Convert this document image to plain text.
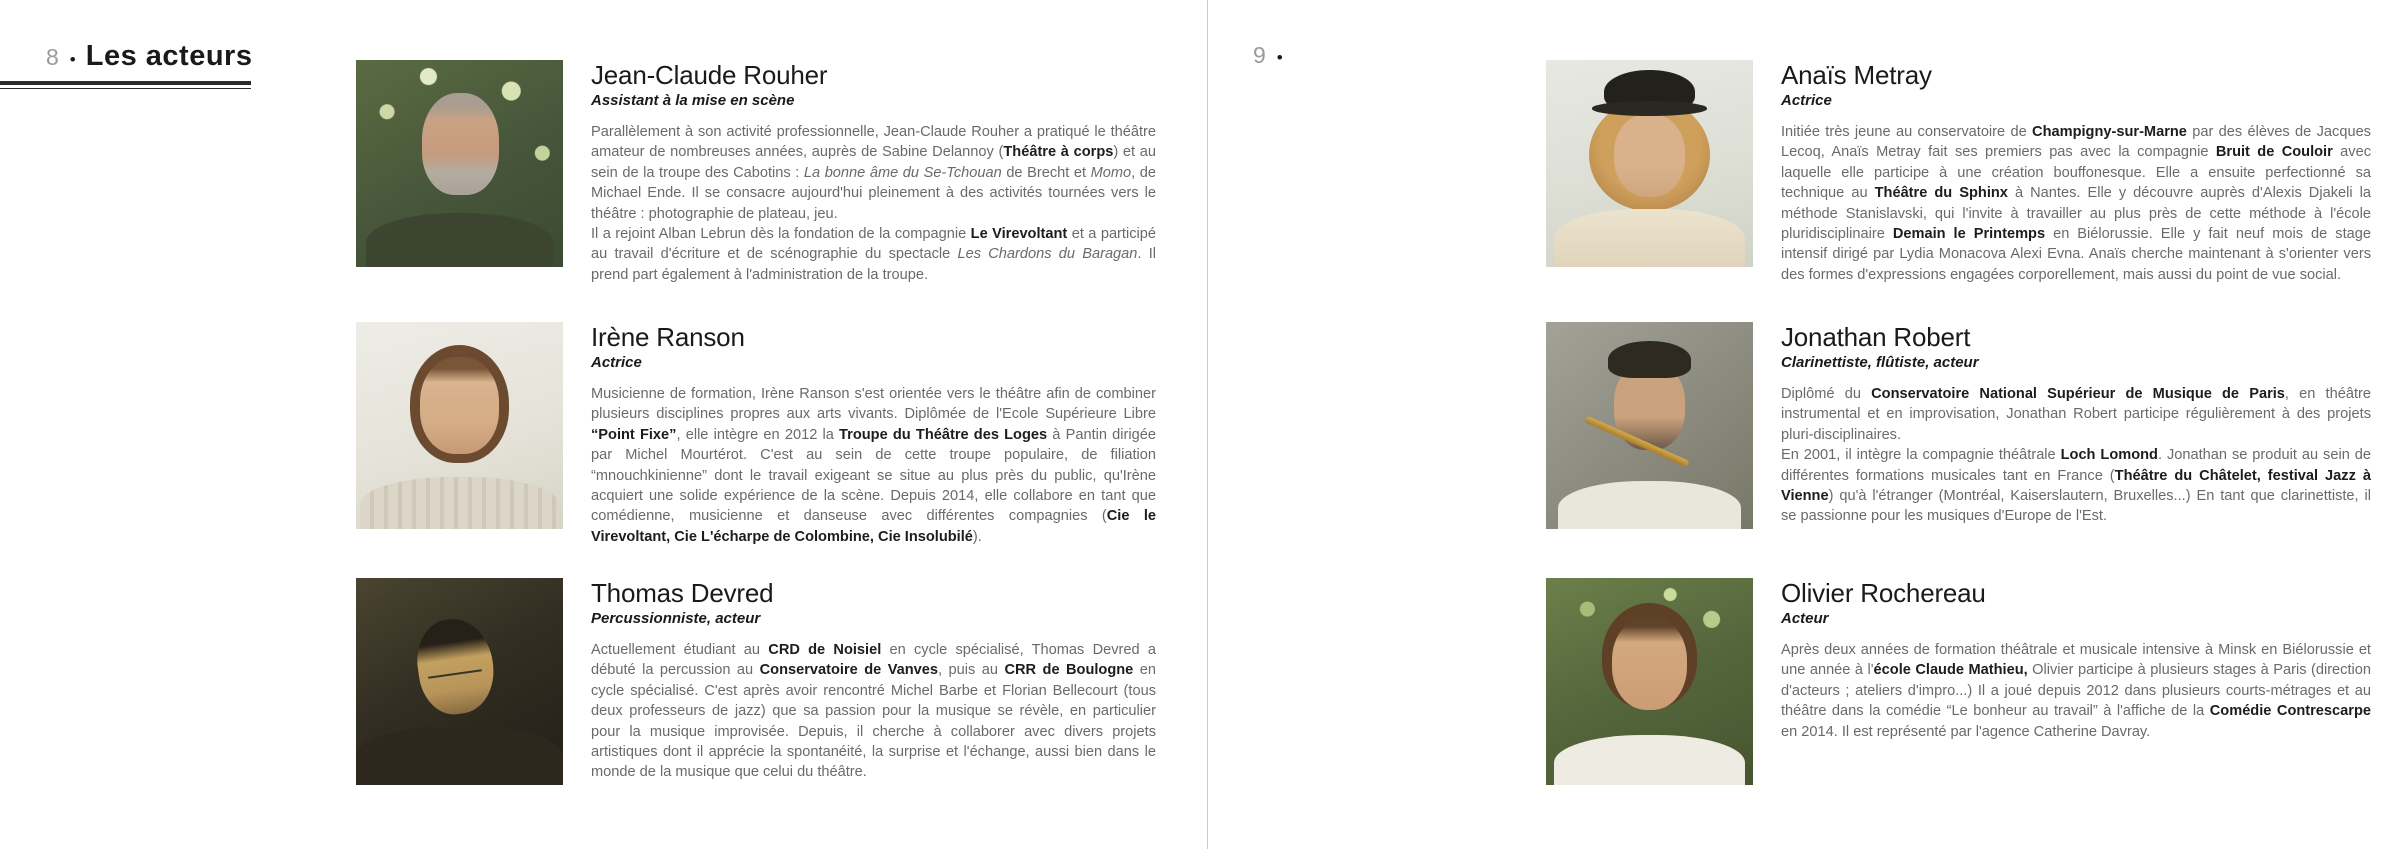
8 • Les acteurs	9 •
Jean-Claude Rouher
Assistant à la mise en scène

Parallèlement à son activité professionnelle, Jean-Claude Rouher a pratiqué le théâtre amateur de nombreuses années, auprès de Sabine Delannoy (Théâtre à corps) et au sein de la troupe des Cabotins : La bonne âme du Se-Tchouan de Brecht et Momo, de Michael Ende. Il se consacre aujourd'hui pleinement à des activités tournées vers le théâtre : photographie de plateau, jeu.
Il a rejoint Alban Lebrun dès la fondation de la compagnie Le Virevoltant et a participé au travail d'écriture et de scénographie du spectacle Les Chardons du Baragan. Il prend part également à l'administration de la troupe.

Irène Ranson
Actrice

Musicienne de formation, Irène Ranson s'est orientée vers le théâtre afin de combiner plusieurs disciplines propres aux arts vivants. Diplômée de l'Ecole Supérieure Libre “Point Fixe”, elle intègre en 2012 la Troupe du Théâtre des Loges à Pantin dirigée par Michel Mourtérot. C'est au sein de cette troupe populaire, de filiation “mnouchkinienne” dont le travail exigeant se situe au plus près du public, qu'Irène acquiert une solide expérience de la scène. Depuis 2014, elle collabore en tant que comédienne, musicienne et danseuse avec différentes compagnies (Cie le Virevoltant, Cie L'écharpe de Colombine, Cie Insolubilé).

Thomas Devred
Percussionniste, acteur

Actuellement étudiant au CRD de Noisiel en cycle spécialisé, Thomas Devred a débuté la percussion au Conservatoire de Vanves, puis au CRR de Boulogne en cycle spécialisé. C'est après avoir rencontré Michel Barbe et Florian Bellecourt (tous deux professeurs de jazz) que sa passion pour la musique se révèle, en particulier pour la musique improvisée. Depuis, il cherche à collaborer avec divers projets artistiques dont il apprécie la spontanéité, la surprise et l'échange, aussi bien dans le monde de la musique que celui du théâtre.

Anaïs Metray
Actrice

Initiée très jeune au conservatoire de Champigny-sur-Marne par des élèves de Jacques Lecoq, Anaïs Metray fait ses premiers pas avec la compagnie Bruit de Couloir avec laquelle elle participe à une création bouffonesque. Elle a ensuite perfectionné sa technique au Théâtre du Sphinx à Nantes. Elle y découvre auprès d'Alexis Djakeli la méthode Stanislavski, qui l'invite à travailler au plus près de cette méthode à l'école pluridisciplinaire Demain le Printemps en Biélorussie. Elle y fait neuf mois de stage intensif dirigé par Lydia Monacova Alexi Evna. Anaïs cherche maintenant à s'orienter vers des formes d'expressions engagées corporellement, mais aussi du point de vue social.

Jonathan Robert
Clarinettiste, flûtiste, acteur

Diplômé du Conservatoire National Supérieur de Musique de Paris, en théâtre instrumental et en improvisation, Jonathan Robert participe régulièrement à des projets pluri-disciplinaires.
En 2001, il intègre la compagnie théâtrale Loch Lomond. Jonathan se produit au sein de différentes formations musicales tant en France (Théâtre du Châtelet, festival Jazz à Vienne) qu'à l'étranger (Montréal, Kaiserslautern, Bruxelles...) En tant que clarinettiste, il se passionne pour les musiques d'Europe de l'Est.

Olivier Rochereau
Acteur

Après deux années de formation théâtrale et musicale intensive à Minsk en Biélorussie et une année à l'école Claude Mathieu, Olivier participe à plusieurs stages à Paris (direction d'acteurs ; ateliers d'impro...) Il a joué depuis 2012 dans plusieurs courts-métrages et au théâtre dans la comédie “Le bonheur au travail” à l'affiche de la Comédie Contrescarpe en 2014. Il est représenté par l'agence Catherine Davray.
